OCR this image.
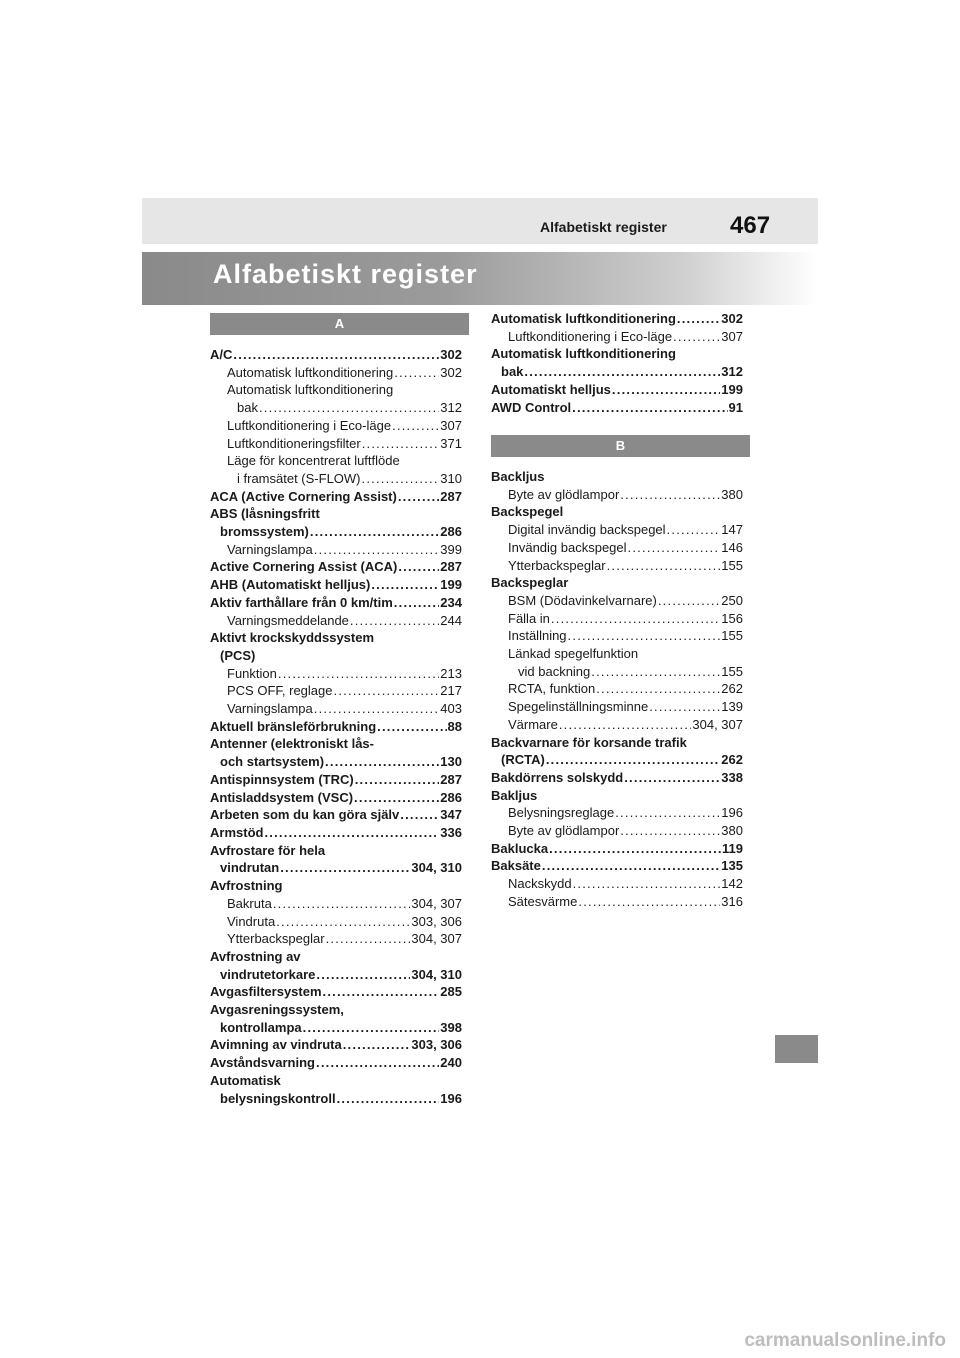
Alfabetiskt register	467
Alfabetiskt register
A
A/C . . .	302
Automatisk luftkonditionering . . .	302
Automatisk luftkonditionering
bak . . .	312
Luftkonditionering i Eco-läge . . .	307
Luftkonditioneringsfilter . . .	371
Läge för koncentrerat luftflöde
i framsätet (S-FLOW) . . .	310
ACA (Active Cornering Assist) . . .	287
ABS (låsningsfritt
bromssystem) . . .	286
Varningslampa . . .	399
Active Cornering Assist (ACA) . . .	287
AHB (Automatiskt helljus) . . .	199
Aktiv farthållare från 0 km/tim . . .	234
Varningsmeddelande . . .	244
Aktivt krockskyddssystem
(PCS)
Funktion . . .	213
PCS OFF, reglage . . .	217
Varningslampa . . .	403
Aktuell bränsleförbrukning . . .	88
Antenner (elektroniskt lås-
och startsystem) . . .	130
Antispinnsystem (TRC) . . .	287
Antisladdsystem (VSC) . . .	286
Arbeten som du kan göra själv . . .	347
Armstöd . . .	336
Avfrostare för hela
vindrutan . . .	304, 310
Avfrostning
Bakruta . . .	304, 307
Vindruta . . .	303, 306
Ytterbackspeglar . . .	304, 307
Avfrostning av
vindrutetorkare . . .	304, 310
Avgasfiltersystem . . .	285
Avgasreningssystem,
kontrollampa . . .	398
Avimning av vindruta . . .	303, 306
Avståndsvarning . . .	240
Automatisk
belysningskontroll . . .	196
Automatisk luftkonditionering . . .	302
Luftkonditionering i Eco-läge . . .	307
Automatisk luftkonditionering
bak . . .	312
Automatiskt helljus . . .	199
AWD Control . . .	91
B
Backljus
Byte av glödlampor . . .	380
Backspegel
Digital invändig backspegel . . .	147
Invändig backspegel . . .	146
Ytterbackspeglar . . .	155
Backspeglar
BSM (Dödavinkelvarnare) . . .	250
Fälla in . . .	156
Inställning . . .	155
Länkad spegelfunktion
vid backning . . .	155
RCTA, funktion . . .	262
Spegelinställningsminne . . .	139
Värmare . . .	304, 307
Backvarnare för korsande trafik
(RCTA) . . .	262
Bakdörrens solskydd . . .	338
Bakljus
Belysningsreglage . . .	196
Byte av glödlampor . . .	380
Baklucka . . .	119
Baksäte . . .	135
Nackskydd . . .	142
Sätesvärme . . .	316
carmanualsonline.info
